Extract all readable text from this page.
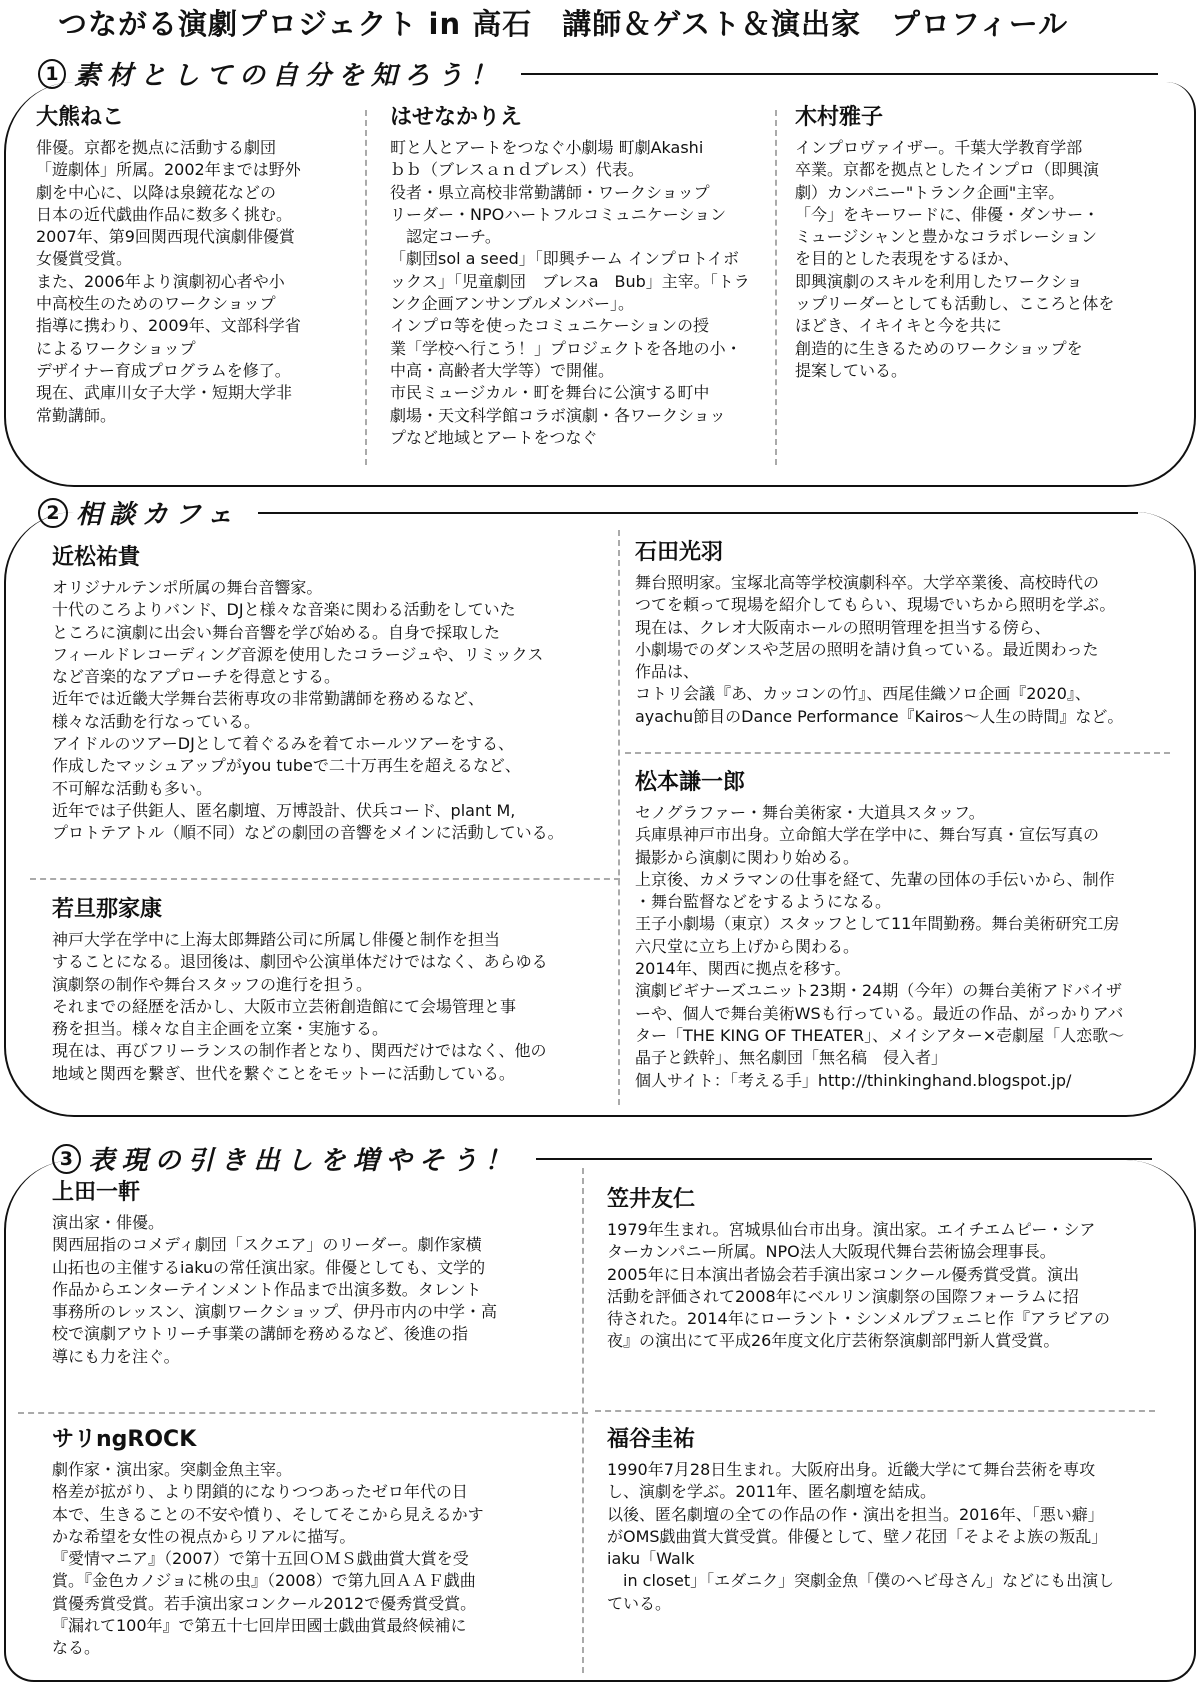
つながる演劇プロジェクト in 高石　講師＆ゲスト＆演出家　プロフィール
1 素材としての自分を知ろう！
大熊ねこ
俳優。京都を拠点に活動する劇団
「遊劇体」所属。2002年までは野外
劇を中心に、以降は泉鏡花などの
日本の近代戯曲作品に数多く挑む。
2007年、第9回関西現代演劇俳優賞
女優賞受賞。
また、2006年より演劇初心者や小
中高校生のためのワークショップ
指導に携わり、2009年、文部科学省
によるワークショップ
デザイナー育成プログラムを修了。
現在、武庫川女子大学・短期大学非
常勤講師。
はせなかりえ
町と人とアートをつなぐ小劇場 町劇Akashi
ｂｂ（ブレスａｎｄブレス）代表。
役者・県立高校非常勤講師・ワークショップ
リーダー・NPOハートフルコミュニケーション
　認定コーチ。
「劇団sol a seed」「即興チーム インプロトイボ
ックス」「児童劇団　ブレスa　Bub」主宰。「トラ
ンク企画アンサンブルメンバー」。
インプロ等を使ったコミュニケーションの授
業「学校へ行こう！」プロジェクトを各地の小・
中高・高齢者大学等）で開催。
市民ミュージカル・町を舞台に公演する町中
劇場・天文科学館コラボ演劇・各ワークショッ
プなど地域とアートをつなぐ
木村雅子
インプロヴァイザー。千葉大学教育学部
卒業。京都を拠点としたインプロ（即興演
劇）カンパニー"トランク企画"主宰。
「今」をキーワードに、俳優・ダンサー・
ミュージシャンと豊かなコラボレーション
を目的とした表現をするほか、
即興演劇のスキルを利用したワークショ
ップリーダーとしても活動し、こころと体を
ほどき、イキイキと今を共に
創造的に生きるためのワークショップを
提案している。
2 相談カフェ
近松祐貴
オリジナルテンポ所属の舞台音響家。
十代のころよりバンド、DJと様々な音楽に関わる活動をしていた
ところに演劇に出会い舞台音響を学び始める。自身で採取した
フィールドレコーディング音源を使用したコラージュや、リミックス
など音楽的なアプローチを得意とする。
近年では近畿大学舞台芸術専攻の非常勤講師を務めるなど、
様々な活動を行なっている。
アイドルのツアーDJとして着ぐるみを着てホールツアーをする、
作成したマッシュアップがyou tubeで二十万再生を超えるなど、
不可解な活動も多い。
近年では子供鉅人、匿名劇壇、万博設計、伏兵コード、plant M,
プロトテアトル（順不同）などの劇団の音響をメインに活動している。
若旦那家康
神戸大学在学中に上海太郎舞踏公司に所属し俳優と制作を担当
することになる。退団後は、劇団や公演単体だけではなく、あらゆる
演劇祭の制作や舞台スタッフの進行を担う。
それまでの経歴を活かし、大阪市立芸術創造館にて会場管理と事
務を担当。様々な自主企画を立案・実施する。
現在は、再びフリーランスの制作者となり、関西だけではなく、他の
地域と関西を繋ぎ、世代を繋ぐことをモットーに活動している。
石田光羽
舞台照明家。宝塚北高等学校演劇科卒。大学卒業後、高校時代の
つてを頼って現場を紹介してもらい、現場でいちから照明を学ぶ。
現在は、クレオ大阪南ホールの照明管理を担当する傍ら、
小劇場でのダンスや芝居の照明を請け負っている。最近関わった
作品は、
コトリ会議『あ、カッコンの竹』、西尾佳織ソロ企画『2020』、
ayachu節目のDance Performance『Kairos～人生の時間』など。
松本謙一郎
セノグラファー・舞台美術家・大道具スタッフ。
兵庫県神戸市出身。立命館大学在学中に、舞台写真・宣伝写真の
撮影から演劇に関わり始める。
上京後、カメラマンの仕事を経て、先輩の団体の手伝いから、制作
・舞台監督などをするようになる。
王子小劇場（東京）スタッフとして11年間勤務。舞台美術研究工房
六尺堂に立ち上げから関わる。
2014年、関西に拠点を移す。
演劇ビギナーズユニット23期・24期（今年）の舞台美術アドバイザ
ーや、個人で舞台美術WSも行っている。最近の作品、がっかりアバ
ター「THE KING OF THEATER」、メイシアター×壱劇屋「人恋歌～
晶子と鉄幹」、無名劇団「無名稿　侵入者」
個人サイト：「考える手」http://thinkinghand.blogspot.jp/
3 表現の引き出しを増やそう！
上田一軒
演出家・俳優。
関西屈指のコメディ劇団「スクエア」のリーダー。劇作家横
山拓也の主催するiakuの常任演出家。俳優としても、文学的
作品からエンターテインメント作品まで出演多数。タレント
事務所のレッスン、演劇ワークショップ、伊丹市内の中学・高
校で演劇アウトリーチ事業の講師を務めるなど、後進の指
導にも力を注ぐ。
サリngROCK
劇作家・演出家。突劇金魚主宰。
格差が拡がり、より閉鎖的になりつつあったゼロ年代の日
本で、生きることの不安や憤り、そしてそこから見えるかす
かな希望を女性の視点からリアルに描写。
『愛情マニア』（2007）で第十五回ＯＭＳ戯曲賞大賞を受
賞。『金色カノジョに桃の虫』（2008）で第九回ＡＡＦ戯曲
賞優秀賞受賞。若手演出家コンクール2012で優秀賞受賞。
『漏れて100年』で第五十七回岸田國士戯曲賞最終候補に
なる。
笠井友仁
1979年生まれ。宮城県仙台市出身。演出家。エイチエムピー・シア
ターカンパニー所属。NPO法人大阪現代舞台芸術協会理事長。
2005年に日本演出者協会若手演出家コンクール優秀賞受賞。演出
活動を評価されて2008年にベルリン演劇祭の国際フォーラムに招
待された。2014年にローラント・シンメルプフェニヒ作『アラビアの
夜』の演出にて平成26年度文化庁芸術祭演劇部門新人賞受賞。
福谷圭祐
1990年7月28日生まれ。大阪府出身。近畿大学にて舞台芸術を専攻
し、演劇を学ぶ。2011年、匿名劇壇を結成。
以後、匿名劇壇の全ての作品の作・演出を担当。2016年、「悪い癖」
がOMS戯曲賞大賞受賞。俳優として、壁ノ花団「そよそよ族の叛乱」
iaku「Walk
　in closet」「エダニク」突劇金魚「僕のヘビ母さん」などにも出演し
ている。
